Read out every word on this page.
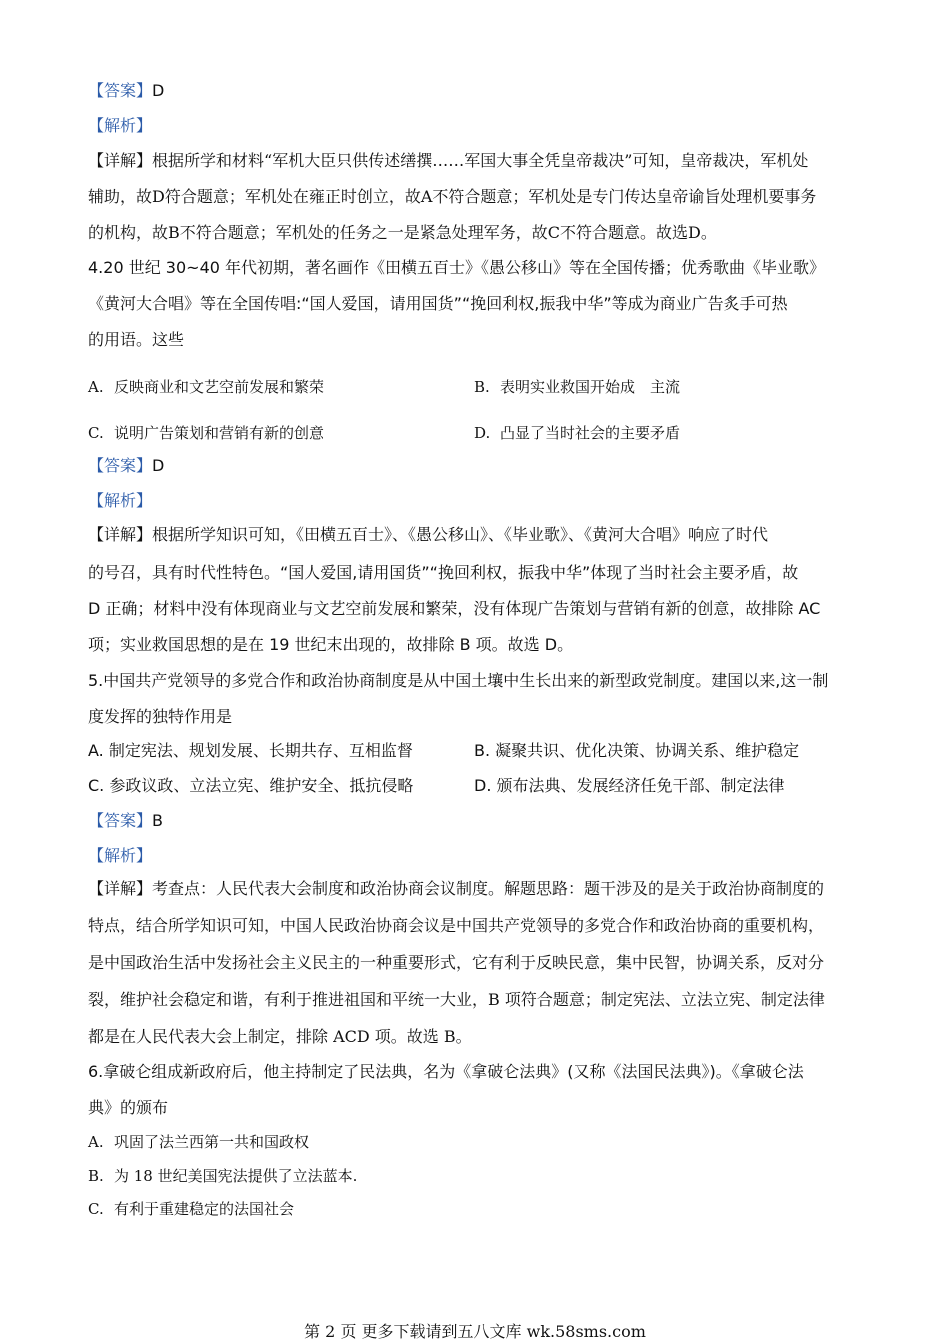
【答案】D
【解析】
【详解】根据所学和材料“军机大臣只供传述缮撰……军国大事全凭皇帝裁决”可知，皇帝裁决，军机处
辅助，故D符合题意；军机处在雍正时创立，故A不符合题意；军机处是专门传达皇帝谕旨处理机要事务
的机构，故B不符合题意；军机处的任务之一是紧急处理军务，故C不符合题意。故选D。
4.20 世纪 30~40 年代初期，著名画作《田横五百士》《愚公移山》等在全国传播；优秀歌曲《毕业歌》
《黄河大合唱》等在全国传唱:“国人爱国，请用国货”“挽回利权,振我中华”等成为商业广告炙手可热
的用语。这些
A. 反映商业和文艺空前发展和繁荣	B. 表明实业救国开始成　主流
C. 说明广告策划和营销有新的创意	D. 凸显了当时社会的主要矛盾
【答案】D
【解析】
【详解】根据所学知识可知，《田横五百士》、《愚公移山》、《毕业歌》、《黄河大合唱》响应了时代
的号召，具有时代性特色。“国人爱国,请用国货”“挽回利权，振我中华”体现了当时社会主要矛盾，故
D 正确；材料中没有体现商业与文艺空前发展和繁荣，没有体现广告策划与营销有新的创意，故排除 AC
项；实业救国思想的是在 19 世纪末出现的，故排除 B 项。故选 D。
5.中国共产党领导的多党合作和政治协商制度是从中国土壤中生长出来的新型政党制度。建国以来,这一制
度发挥的独特作用是
A. 制定宪法、规划发展、长期共存、互相监督	B. 凝聚共识、优化决策、协调关系、维护稳定
C. 参政议政、立法立宪、维护安全、抵抗侵略	D. 颁布法典、发展经济任免干部、制定法律
【答案】B
【解析】
【详解】考查点：人民代表大会制度和政治协商会议制度。解题思路：题干涉及的是关于政治协商制度的
特点，结合所学知识可知，中国人民政治协商会议是中国共产党领导的多党合作和政治协商的重要机构，
是中国政治生活中发扬社会主义民主的一种重要形式，它有利于反映民意，集中民智，协调关系，反对分
裂，维护社会稳定和谐，有利于推进祖国和平统一大业，B 项符合题意；制定宪法、立法立宪、制定法律
都是在人民代表大会上制定，排除 ACD 项。故选 B。
6.拿破仑组成新政府后，他主持制定了民法典，名为《拿破仑法典》(又称《法国民法典》)。《拿破仑法
典》的颁布
A. 巩固了法兰西第一共和国政权
B. 为 18 世纪美国宪法提供了立法蓝本.
C. 有利于重建稳定的法国社会
第 2 页 更多下载请到五八文库 wk.58sms.com
